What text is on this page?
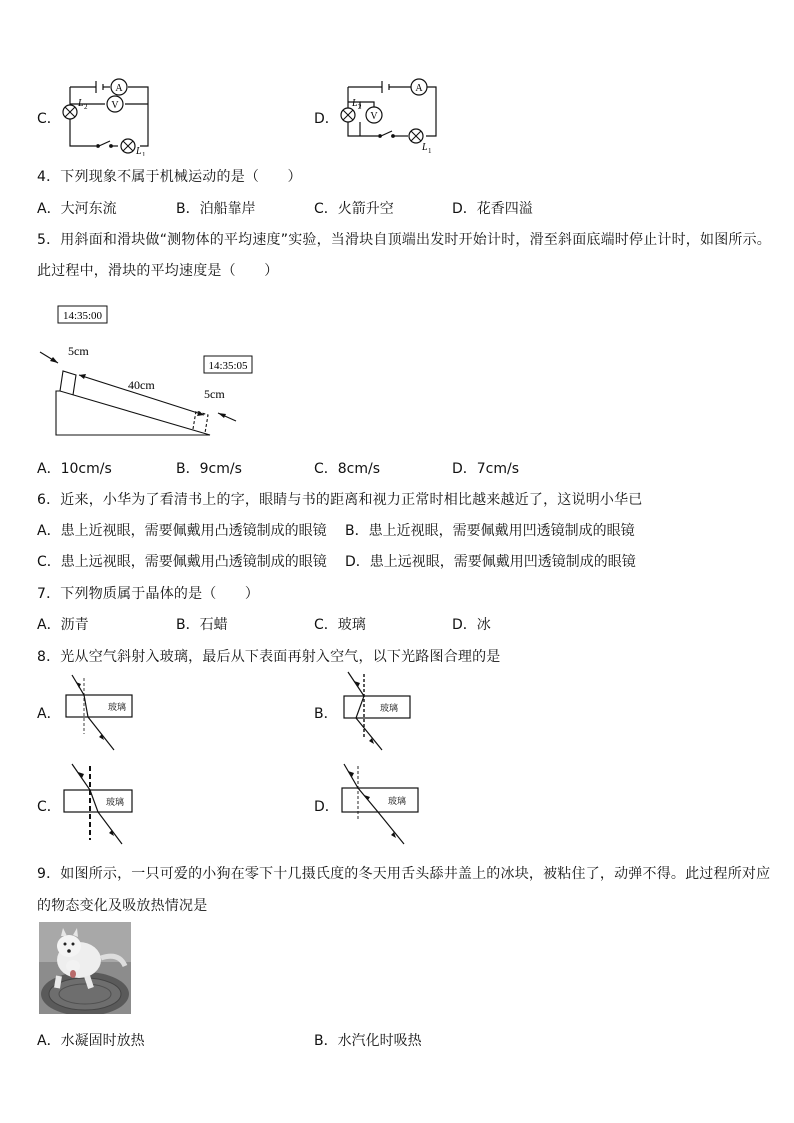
C．
A
V
L 2
L 1
D．
A
V
L 2
L 1
4．下列现象不属于机械运动的是（　　）
A．大河东流	B．泊船靠岸	C．火箭升空	D．花香四溢
5．用斜面和滑块做“测物体的平均速度”实验，当滑块自顶端出发时开始计时，滑至斜面底端时停止计时，如图所示。
此过程中，滑块的平均速度是（　　）
14:35:00
14:35:05
5cm
40cm
5cm
A．10cm/s	B．9cm/s	C．8cm/s	D．7cm/s
6．近来，小华为了看清书上的字，眼睛与书的距离和视力正常时相比越来越近了，这说明小华已
A．患上近视眼，需要佩戴用凸透镜制成的眼镜 B．患上近视眼，需要佩戴用凹透镜制成的眼镜
C．患上远视眼，需要佩戴用凸透镜制成的眼镜 D．患上远视眼，需要佩戴用凹透镜制成的眼镜
7．下列物质属于晶体的是（　　）
A．沥青	B．石蜡	C．玻璃	D．冰
8．光从空气斜射入玻璃，最后从下表面再射入空气，以下光路图合理的是
A．	玻璃	B．	玻璃
C．	玻璃	D．	玻璃
9．如图所示，一只可爱的小狗在零下十几摄氏度的冬天用舌头舔井盖上的冰块，被粘住了，动弹不得。此过程所对应
的物态变化及吸放热情况是
A．水凝固时放热	B．水汽化时吸热
